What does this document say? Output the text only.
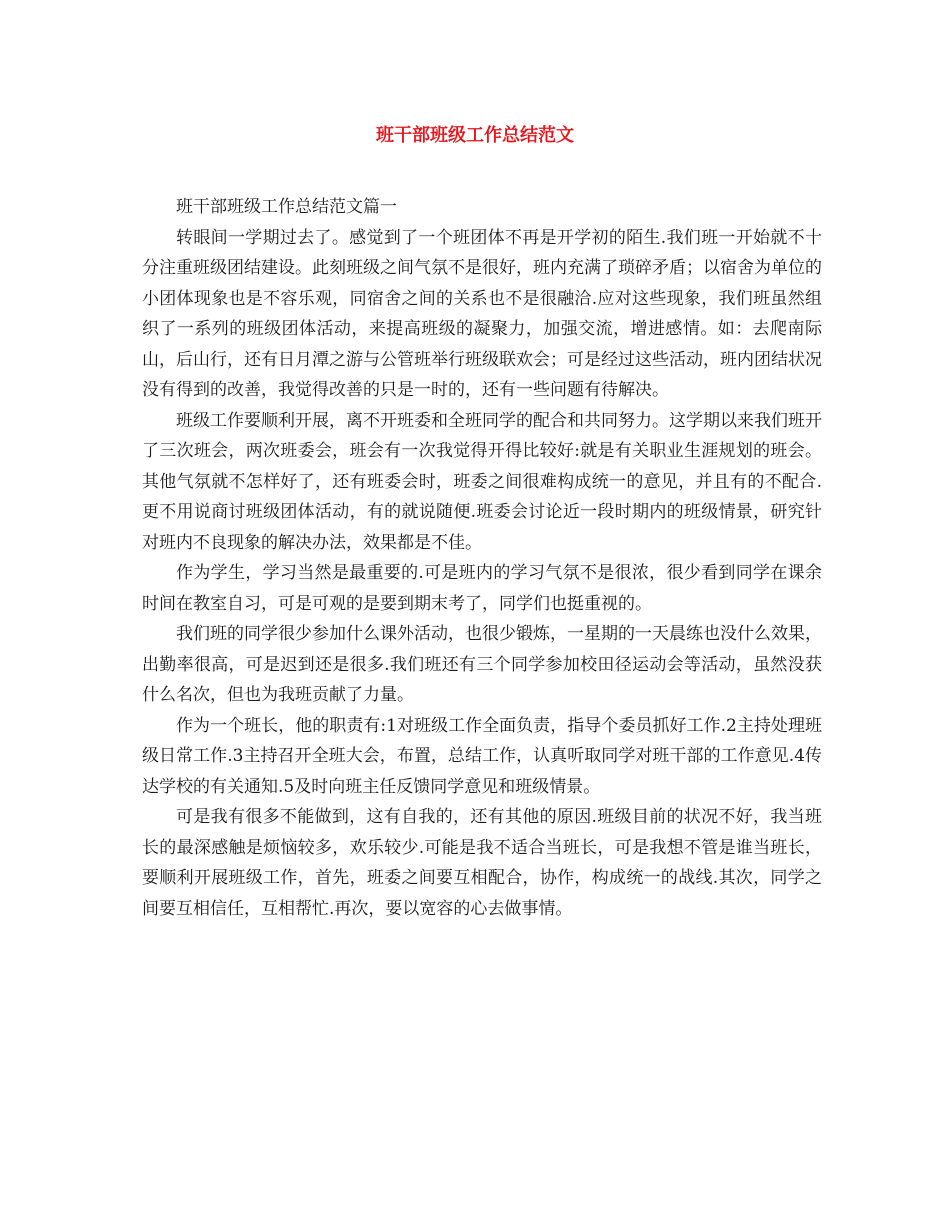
班干部班级工作总结范文

班干部班级工作总结范文篇一

转眼间一学期过去了。感觉到了一个班团体不再是开学初的陌生.我们班一开始就不十分注重班级团结建设。此刻班级之间气氛不是很好，班内充满了琐碎矛盾；以宿舍为单位的小团体现象也是不容乐观，同宿舍之间的关系也不是很融洽.应对这些现象，我们班虽然组织了一系列的班级团体活动，来提高班级的凝聚力，加强交流，增进感情。如：去爬南际山，后山行，还有日月潭之游与公管班举行班级联欢会；可是经过这些活动，班内团结状况没有得到的改善，我觉得改善的只是一时的，还有一些问题有待解决。

班级工作要顺利开展，离不开班委和全班同学的配合和共同努力。这学期以来我们班开了三次班会，两次班委会，班会有一次我觉得开得比较好:就是有关职业生涯规划的班会。其他气氛就不怎样好了，还有班委会时，班委之间很难构成统一的意见，并且有的不配合.更不用说商讨班级团体活动，有的就说随便.班委会讨论近一段时期内的班级情景，研究针对班内不良现象的解决办法，效果都是不佳。

作为学生，学习当然是最重要的.可是班内的学习气氛不是很浓，很少看到同学在课余时间在教室自习，可是可观的是要到期末考了，同学们也挺重视的。

我们班的同学很少参加什么课外活动，也很少锻炼，一星期的一天晨练也没什么效果，出勤率很高，可是迟到还是很多.我们班还有三个同学参加校田径运动会等活动，虽然没获什么名次，但也为我班贡献了力量。

作为一个班长，他的职责有:1对班级工作全面负责，指导个委员抓好工作.2主持处理班级日常工作.3主持召开全班大会，布置，总结工作，认真听取同学对班干部的工作意见.4传达学校的有关通知.5及时向班主任反馈同学意见和班级情景。

可是我有很多不能做到，这有自我的，还有其他的原因.班级目前的状况不好，我当班长的最深感触是烦恼较多，欢乐较少.可能是我不适合当班长，可是我想不管是谁当班长，要顺利开展班级工作，首先，班委之间要互相配合，协作，构成统一的战线.其次，同学之间要互相信任，互相帮忙.再次，要以宽容的心去做事情。
